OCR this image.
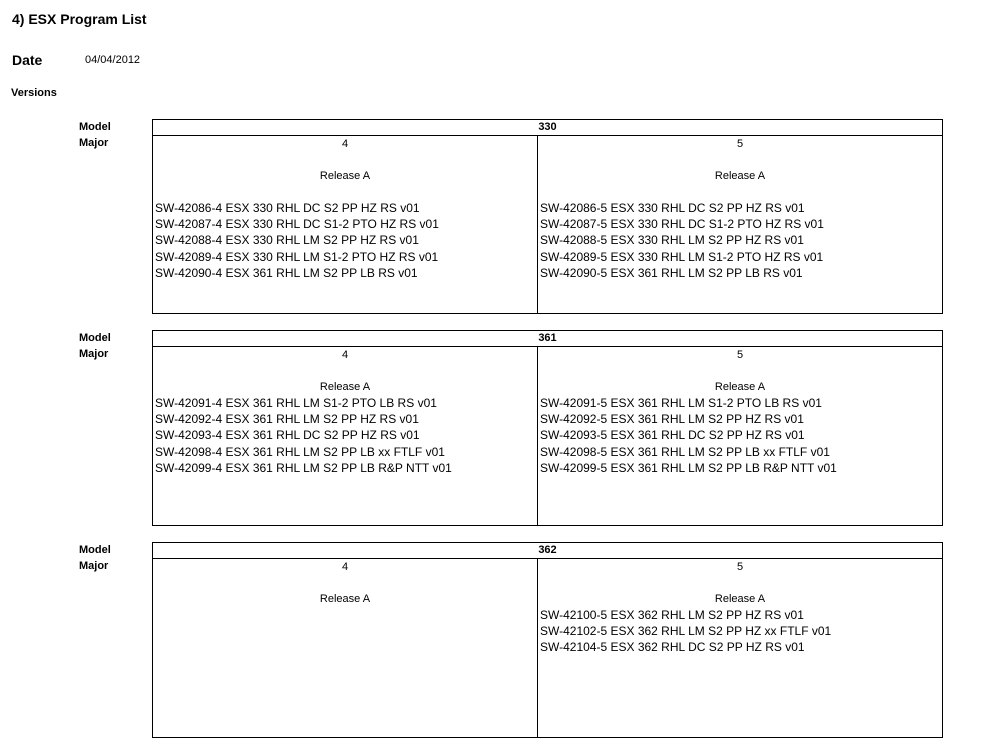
4) ESX Program List
Date	04/04/2012
Versions
Model
Major
330
4
Release A
SW-42086-4 ESX 330 RHL DC S2 PP HZ RS v01
SW-42087-4 ESX 330 RHL DC S1-2 PTO HZ RS v01
SW-42088-4 ESX 330 RHL LM S2 PP HZ RS v01
SW-42089-4 ESX 330 RHL LM S1-2 PTO HZ RS v01
SW-42090-4 ESX 361 RHL LM S2 PP LB RS v01
5
Release A
SW-42086-5 ESX 330 RHL DC S2 PP HZ RS v01
SW-42087-5 ESX 330 RHL DC S1-2 PTO HZ RS v01
SW-42088-5 ESX 330 RHL LM S2 PP HZ RS v01
SW-42089-5 ESX 330 RHL LM S1-2 PTO HZ RS v01
SW-42090-5 ESX 361 RHL LM S2 PP LB RS v01
Model
Major
361
4
Release A
SW-42091-4 ESX 361 RHL LM S1-2 PTO LB RS v01
SW-42092-4 ESX 361 RHL LM S2 PP HZ RS v01
SW-42093-4 ESX 361 RHL DC S2 PP HZ RS v01
SW-42098-4 ESX 361 RHL LM S2 PP LB xx FTLF v01
SW-42099-4 ESX 361 RHL LM S2 PP LB R&P NTT v01
5
Release A
SW-42091-5 ESX 361 RHL LM S1-2 PTO LB RS v01
SW-42092-5 ESX 361 RHL LM S2 PP HZ RS v01
SW-42093-5 ESX 361 RHL DC S2 PP HZ RS v01
SW-42098-5 ESX 361 RHL LM S2 PP LB xx FTLF v01
SW-42099-5 ESX 361 RHL LM S2 PP LB R&P NTT v01
Model
Major
362
4
Release A
5
Release A
SW-42100-5 ESX 362 RHL LM S2 PP HZ RS v01
SW-42102-5 ESX 362 RHL LM S2 PP HZ xx FTLF v01
SW-42104-5 ESX 362 RHL DC S2 PP HZ RS v01
